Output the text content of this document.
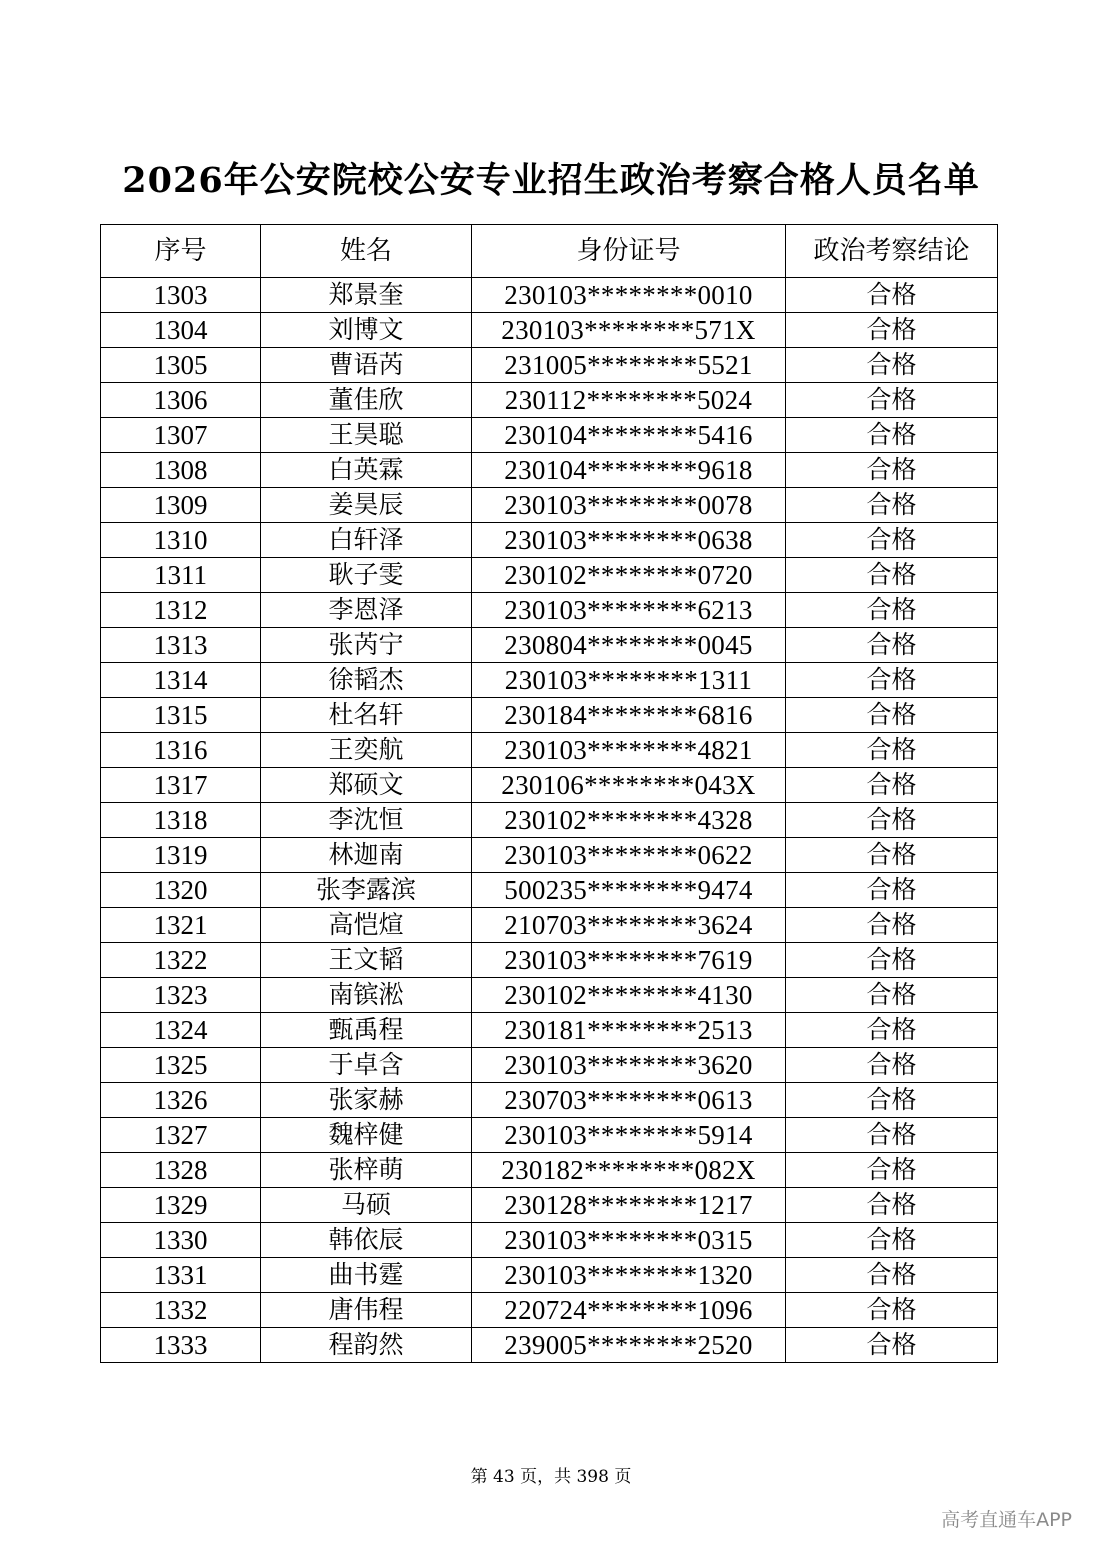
2026年公安院校公安专业招生政治考察合格人员名单
序号	姓名	身份证号	政治考察结论
1303	郑景奎	230103********0010	合格
1304	刘博文	230103********571X	合格
1305	曹语芮	231005********5521	合格
1306	董佳欣	230112********5024	合格
1307	王昊聪	230104********5416	合格
1308	白英霖	230104********9618	合格
1309	姜昊辰	230103********0078	合格
1310	白轩泽	230103********0638	合格
1311	耿子雯	230102********0720	合格
1312	李恩泽	230103********6213	合格
1313	张芮宁	230804********0045	合格
1314	徐韬杰	230103********1311	合格
1315	杜名轩	230184********6816	合格
1316	王奕航	230103********4821	合格
1317	郑硕文	230106********043X	合格
1318	李沈恒	230102********4328	合格
1319	林迦南	230103********0622	合格
1320	张李露滨	500235********9474	合格
1321	高恺煊	210703********3624	合格
1322	王文韬	230103********7619	合格
1323	南镔淞	230102********4130	合格
1324	甄禹程	230181********2513	合格
1325	于卓含	230103********3620	合格
1326	张家赫	230703********0613	合格
1327	魏梓健	230103********5914	合格
1328	张梓萌	230182********082X	合格
1329	马硕	230128********1217	合格
1330	韩依辰	230103********0315	合格
1331	曲书霆	230103********1320	合格
1332	唐伟程	220724********1096	合格
1333	程韵然	239005********2520	合格
第 43 页，共 398 页
高考直通车APP
